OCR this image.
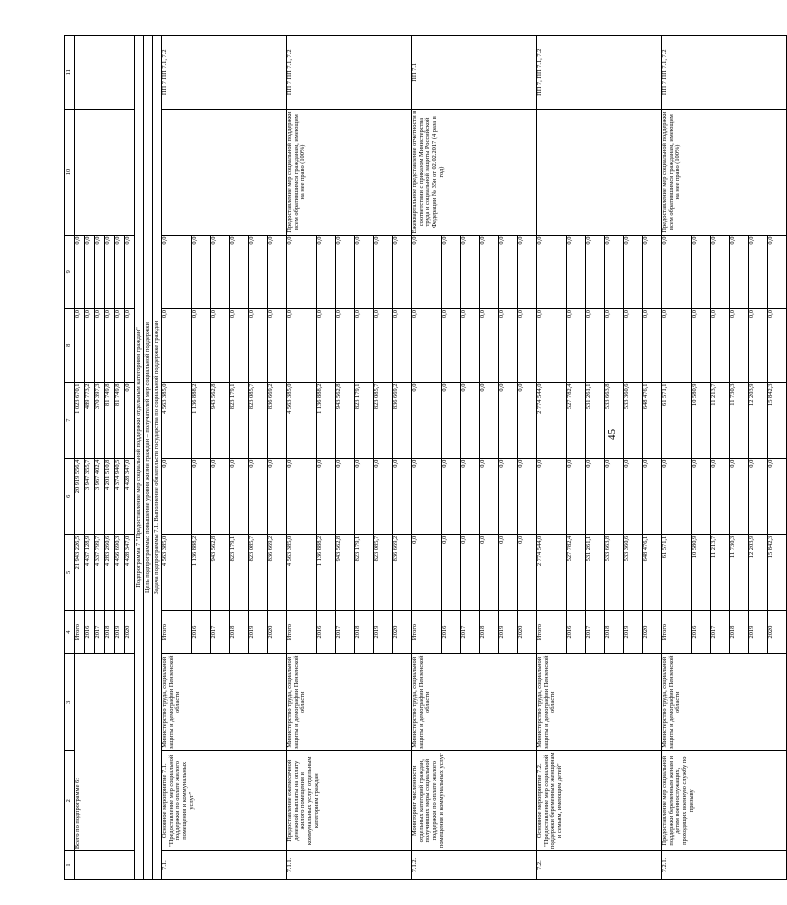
45
1	2	3	4	5	6	7	8	9	10	11
	Всего по подпрограмме 6:		Итого	21 943 226,5	20 919 556,4	1 023 670,1	0,0	0,0		
			2016	4 437 128,9	3 947 355,7	489 773,2	0,0	0,0		
			2017	4 337 799,7	3 967 402,4	370 397,3	0,0	0,0		
			2018	4 283 260,6	4 201 510,8	81 749,8	0,0	0,0		
			2019	4 456 690,3	4 374 940,5	81 749,8	0,0	0,0		
			2020	4 428 347,0	4 428 347,0	0,0	0,0	0,0		
Подпрограмма 7 "Предоставление мер социальной поддержки отдельным категориям граждан"										
Цель подпрограммы: повышение уровня жизни граждан – получателей мер социальной поддержки										
Задача подпрограммы 7.1. Выполнение обязательств государства по социальной поддержке граждан										
7.1.	Основное мероприятие 7.1. "Предоставление мер социальной поддержки по оплате жилого помещения и коммунальных услуг"	Министерство труда, социальной защиты и демографии Пензенской области	Итого	4 563 385,0	0,0	4 563 385,0	0,0	0,0		ПП 7 ПП 7.1, 7.2
			2016	1 136 888,2	0,0	1 136 888,2	0,0	0,0		
			2017	943 562,8	0,0	943 562,8	0,0	0,0		
			2018	823 179,1	0,0	823 179,1	0,0	0,0		
			2019	823 085,7	0,0	823 085,7	0,0	0,0		
			2020	836 669,2	0,0	836 669,2	0,0	0,0		
7.1.1.	Предоставление ежемесячной денежной выплаты на оплату жилого помещения и коммунальных услуг отдельным категориям граждан	Министерство труда, социальной защиты и демографии Пензенской области	Итого	4 563 385,0	0,0	4 563 385,0	0,0	0,0	Предоставление мер социальной поддержки всем обратившимся гражданам, имеющим на нее право (100%)	ПП 7 ПП 7.1, 7.2
			2016	1 136 888,2	0,0	1 136 888,2	0,0	0,0		
			2017	943 562,8	0,0	943 562,8	0,0	0,0		
			2018	823 179,1	0,0	823 179,1	0,0	0,0		
			2019	823 085,7	0,0	823 085,7	0,0	0,0		
			2020	836 669,2	0,0	836 669,2	0,0	0,0		
7.1.2.	Мониторинг численности отдельных категорий граждан, получивших меры социальной поддержки по оплате жилого помещения и коммунальных услуг	Министерство труда, социальной защиты и демографии Пензенской области	Итого	0,0	0,0	0,0	0,0	0,0	Ежеквартальное представление отчетности в соответствии с приказом Министерства труда и социальной защиты Российской Федерации № 35н от 02.02.2017 (4 раза в год)	ПП 7.1
			2016	0,0	0,0	0,0	0,0	0,0		
			2017	0,0	0,0	0,0	0,0	0,0		
			2018	0,0	0,0	0,0	0,0	0,0		
			2019	0,0	0,0	0,0	0,0	0,0		
			2020	0,0	0,0	0,0	0,0	0,0		
7.2.	Основное мероприятие 7.2. "Предоставление мер социальной поддержки беременным женщинам и семьям, имеющим детей"	Министерство труда, социальной защиты и демографии Пензенской области	Итого	2 774 544,0	0,0	2 774 544,0	0,0	0,0		ПП 7, ПП 7.1, 7.2
			2016	527 782,4	0,0	527 782,4	0,0	0,0		
			2017	531 261,1	0,0	531 261,1	0,0	0,0		
			2018	533 663,8	0,0	533 663,8	0,0	0,0		
			2019	533 360,6	0,0	533 360,6	0,0	0,0		
			2020	648 476,1	0,0	648 476,1	0,0	0,0		
7.2.1.	Предоставление мер социальной поддержки беременным женам и детям военнослужащих, проходящих военную службу по призыву	Министерство труда, социальной защиты и демографии Пензенской области	Итого	61 571,1	0,0	61 571,1	0,0	0,0	Предоставление мер социальной поддержки всем обратившимся гражданам, имеющим на нее право (100%)	ПП 7 ПП 7.1, 7.2
			2016	10 580,9	0,0	10 580,9	0,0	0,0		
			2017	11 213,7	0,0	11 213,7	0,0	0,0		
			2018	11 730,3	0,0	11 730,3	0,0	0,0		
			2019	12 203,9	0,0	12 203,9	0,0	0,0		
			2020	15 842,3	0,0	15 842,3	0,0	0,0		
